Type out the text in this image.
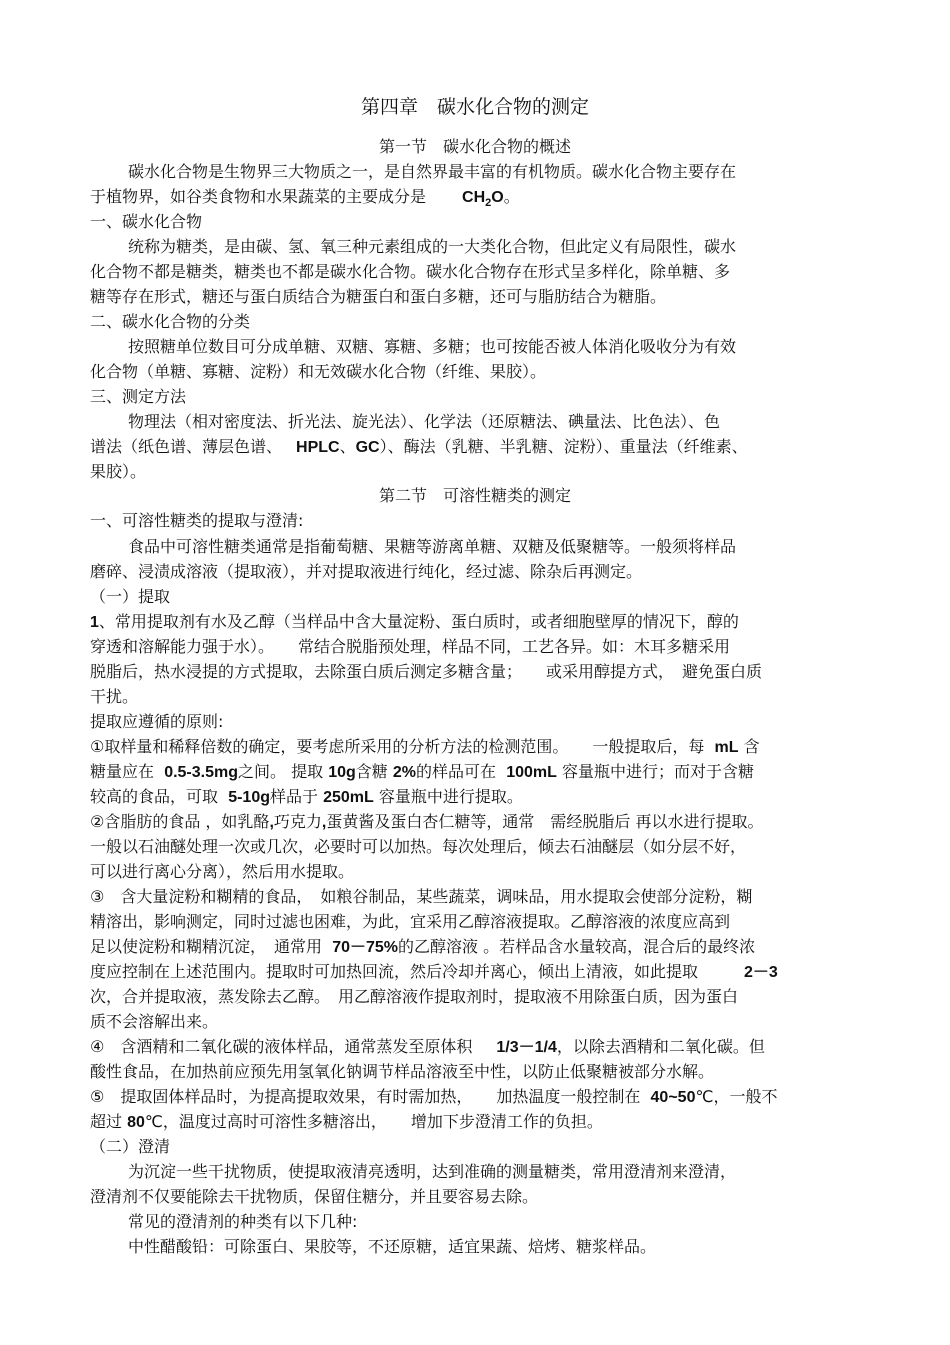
第四章　碳水化合物的测定

第一节　碳水化合物的概述

碳水化合物是生物界三大物质之一，是自然界最丰富的有机物质。碳水化合物主要存在

于植物界，如谷类食物和水果蔬菜的主要成分是 $CH_2O$。

一、碳水化合物

统称为糖类，是由碳、氢、氧三种元素组成的一大类化合物，但此定义有局限性，碳水

化合物不都是糖类，糖类也不都是碳水化合物。碳水化合物存在形式呈多样化，除单糖、多

糖等存在形式，糖还与蛋白质结合为糖蛋白和蛋白多糖，还可与脂肪结合为糖脂。

二、碳水化合物的分类

按照糖单位数目可分成单糖、双糖、寡糖、多糖；也可按能否被人体消化吸收分为有效

化合物（单糖、寡糖、淀粉）和无效碳水化合物（纤维、果胶）。

三、测定方法

物理法（相对密度法、折光法、旋光法）、化学法（还原糖法、碘量法、比色法）、色

谱法（纸色谱、薄层色谱、 HPLC、GC）、酶法（乳糖、半乳糖、淀粉）、重量法（纤维素、

果胶）。

第二节　可溶性糖类的测定

一、可溶性糖类的提取与澄清:

食品中可溶性糖类通常是指葡萄糖、果糖等游离单糖、双糖及低聚糖等。一般须将样品

磨碎、浸渍成溶液（提取液），并对提取液进行纯化，经过滤、除杂后再测定。

（一）提取

1、常用提取剂有水及乙醇（当样品中含大量淀粉、蛋白质时，或者细胞壁厚的情况下，醇的

穿透和溶解能力强于水）。　　常结合脱脂预处理，样品不同，工艺各异。如：木耳多糖采用

脱脂后，热水浸提的方式提取，去除蛋白质后测定多糖含量；　　或采用醇提方式，　避免蛋白质

干扰。

提取应遵循的原则:

①取样量和稀释倍数的确定，要考虑所采用的分析方法的检测范围。　　一般提取后，每 mL 含

糖量应在 0.5-3.5mg之间。 提取 10g含糖 2%的样品可在 100mL 容量瓶中进行；而对于含糖

较高的食品，可取 5-10g样品于 250mL 容量瓶中进行提取。

②含脂肪的食品 ，如乳酪,巧克力,蛋黄酱及蛋白杏仁糖等，通常　需经脱脂后 再以水进行提取。

一般以石油醚处理一次或几次，必要时可以加热。每次处理后，倾去石油醚层（如分层不好，

可以进行离心分离），然后用水提取。

③　含大量淀粉和糊精的食品，　如粮谷制品，某些蔬菜，调味品，用水提取会使部分淀粉，糊

精溶出，影响测定，同时过滤也困难，为此，宜采用乙醇溶液提取。乙醇溶液的浓度应高到

足以使淀粉和糊精沉淀，　通常用 70－75%的乙醇溶液 。若样品含水量较高，混合后的最终浓

度应控制在上述范围内。提取时可加热回流，然后冷却并离心，倾出上清液，如此提取	2－3

次，合并提取液，蒸发除去乙醇。　用乙醇溶液作提取剂时，提取液不用除蛋白质，因为蛋白

质不会溶解出来。

④　含酒精和二氧化碳的液体样品，通常蒸发至原体积 1/3－1/4，以除去酒精和二氧化碳。但

酸性食品，在加热前应预先用氢氧化钠调节样品溶液至中性，以防止低聚糖被部分水解。

⑤　提取固体样品时，为提高提取效果，有时需加热，　　加热温度一般控制在 40~50℃，一般不

超过 80℃，温度过高时可溶性多糖溶出，　　增加下步澄清工作的负担。

（二）澄清

为沉淀一些干扰物质，使提取液清亮透明，达到准确的测量糖类，常用澄清剂来澄清，

澄清剂不仅要能除去干扰物质，保留住糖分，并且要容易去除。

常见的澄清剂的种类有以下几种:

中性醋酸铅：可除蛋白、果胶等，不还原糖，适宜果蔬、焙烤、糖浆样品。
